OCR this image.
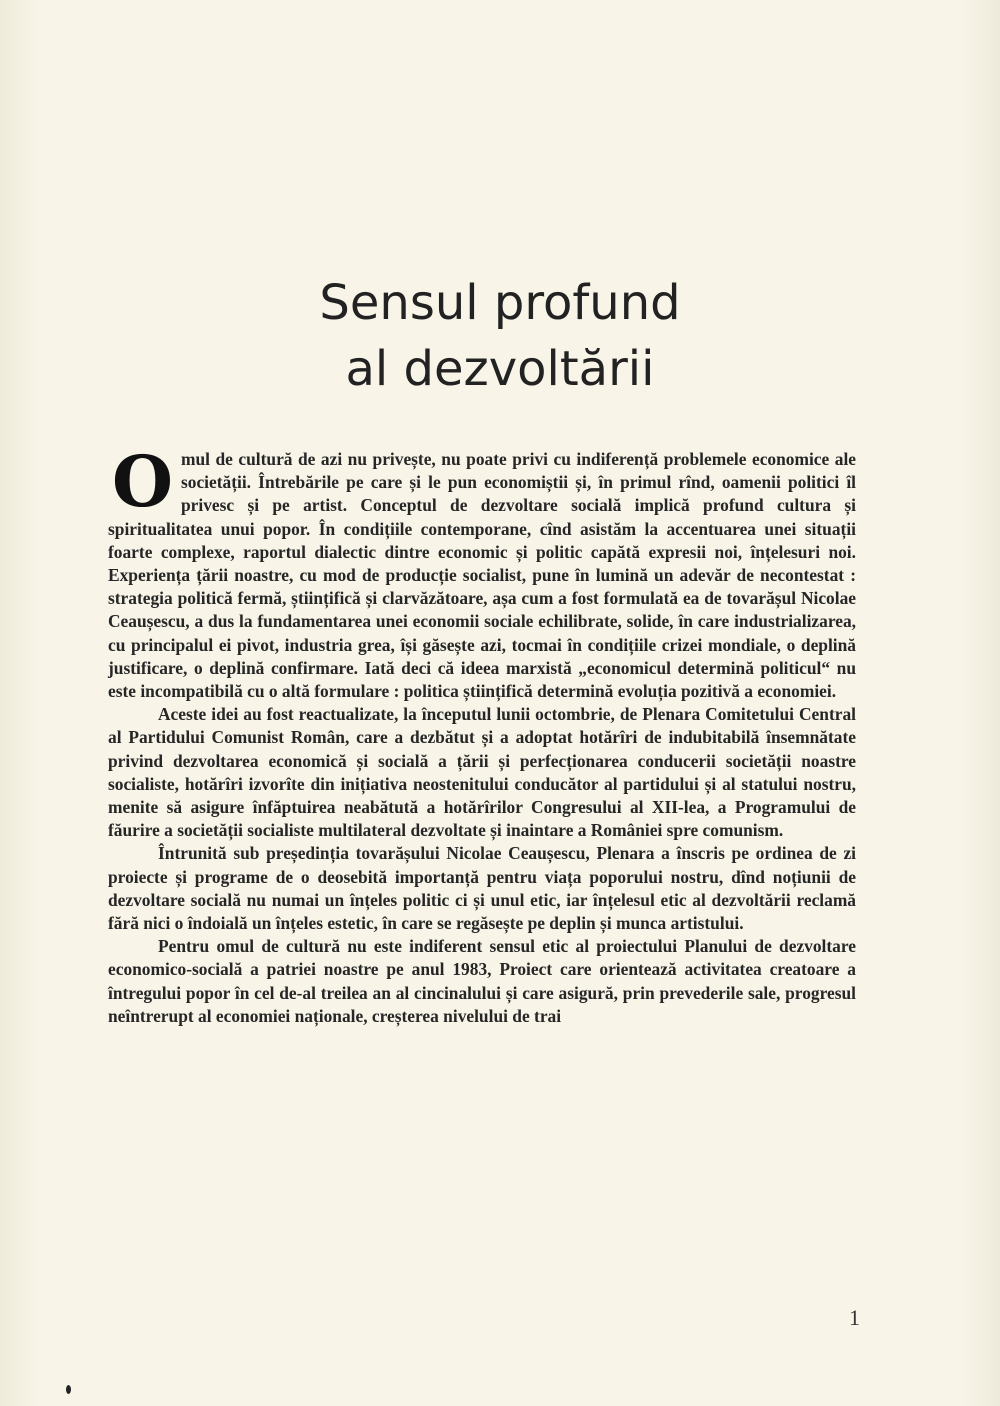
Sensul profund
al dezvoltării

Omul de cultură de azi nu privește, nu poate privi cu indiferență problemele economice ale societății. Întrebările pe care și le pun economiștii și, în primul rînd, oamenii politici îl privesc și pe artist. Conceptul de dezvoltare socială implică profund cultura și spiritualitatea unui popor. În condițiile contemporane, cînd asistăm la accentuarea unei situații foarte complexe, raportul dialectic dintre economic și politic capătă expresii noi, înțelesuri noi. Experiența țării noastre, cu mod de producție socialist, pune în lumină un adevăr de necontestat : strategia politică fermă, științifică și clarvăzătoare, așa cum a fost formulată ea de tovarășul Nicolae Ceaușescu, a dus la fundamentarea unei economii sociale echilibrate, solide, în care industrializarea, cu principalul ei pivot, industria grea, își găsește azi, tocmai în condițiile crizei mondiale, o deplină justificare, o deplină confirmare. Iată deci că ideea marxistă „economicul determină politicul“ nu este incompatibilă cu o altă formulare : politica științifică determină evoluția pozitivă a economiei.

Aceste idei au fost reactualizate, la începutul lunii octombrie, de Plenara Comitetului Central al Partidului Comunist Român, care a dezbătut și a adoptat hotărîri de indubitabilă însemnătate privind dezvoltarea economică și socială a țării și perfecționarea conducerii societății noastre socialiste, hotărîri izvorîte din inițiativa neostenitului conducător al partidului și al statului nostru, menite să asigure înfăptuirea neabătută a hotărîrilor Congresului al XII-lea, a Programului de făurire a societății socialiste multilateral dezvoltate și inaintare a României spre comunism.

Întrunită sub președinția tovarășului Nicolae Ceaușescu, Plenara a înscris pe ordinea de zi proiecte și programe de o deosebită importanță pentru viața poporului nostru, dînd noțiunii de dezvoltare socială nu numai un înțeles politic ci și unul etic, iar înțelesul etic al dezvoltării reclamă fără nici o îndoială un înțeles estetic, în care se regăsește pe deplin și munca artistului.

Pentru omul de cultură nu este indiferent sensul etic al proiectului Planului de dezvoltare economico-socială a patriei noastre pe anul 1983, Proiect care orientează activitatea creatoare a întregului popor în cel de-al treilea an al cincinalului și care asigură, prin prevederile sale, progresul neîntrerupt al economiei naționale, creșterea nivelului de trai

1
